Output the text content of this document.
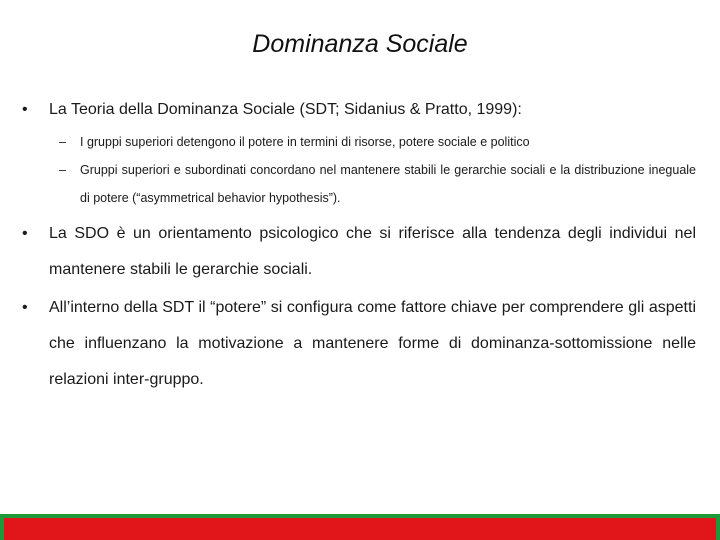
Dominanza Sociale
• La Teoria della Dominanza Sociale (SDT; Sidanius & Pratto, 1999):
– I gruppi superiori detengono il potere in termini di risorse, potere sociale e politico
– Gruppi superiori e subordinati concordano nel mantenere stabili le gerarchie sociali e la distribuzione ineguale di potere (“asymmetrical behavior hypothesis”).
• La SDO è un orientamento psicologico che si riferisce alla tendenza degli individui nel mantenere stabili le gerarchie sociali.
• All’interno della SDT il “potere” si configura come fattore chiave per comprendere gli aspetti che influenzano la motivazione a mantenere forme di dominanza-sottomissione nelle relazioni inter-gruppo.
